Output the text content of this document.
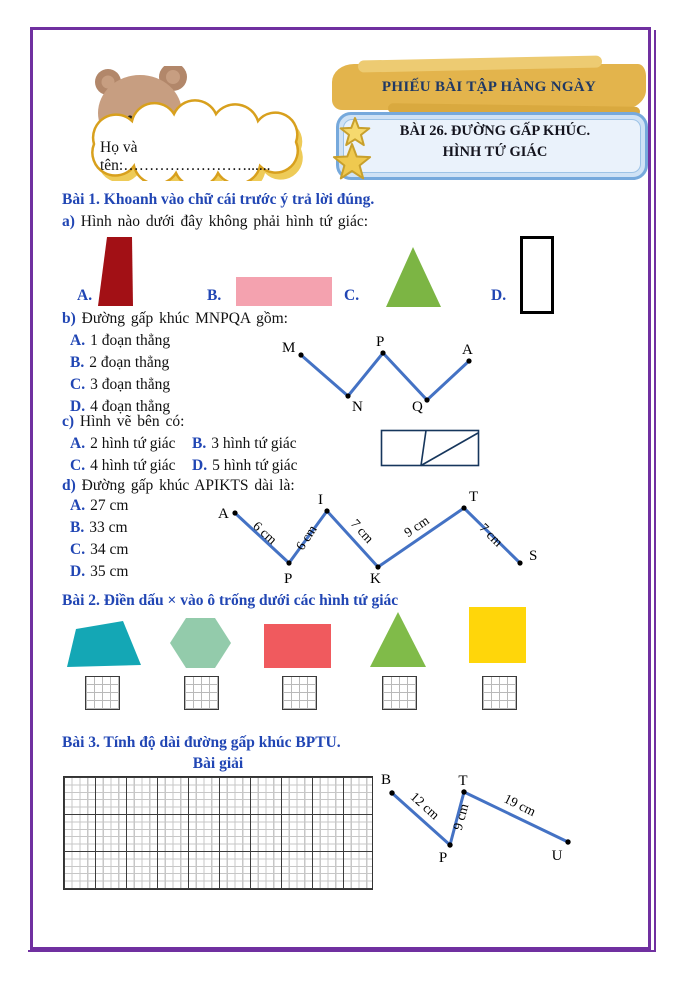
Họ và tên:……………………......
PHIẾU BÀI TẬP HÀNG NGÀY
BÀI 26. ĐƯỜNG GẤP KHÚC.
HÌNH TỨ GIÁC
Bài 1. Khoanh vào chữ cái trước ý trả lời đúng.
a) Hình nào dưới đây không phải hình tứ giác:
A.	B.	C.	D.
b) Đường gấp khúc MNPQA gồm:
A. 1 đoạn thẳng
B. 2 đoạn thẳng
C. 3 đoạn thẳng
D. 4 đoạn thẳng
M
N
P
Q
A
c) Hình vẽ bên có:
A. 2 hình tứ giác B. 3 hình tứ giác
C. 4 hình tứ giác D. 5 hình tứ giác
d) Đường gấp khúc APIKTS dài là:
A. 27 cm
B. 33 cm
C. 34 cm
D. 35 cm
A
P
I
K
T
S
6 cm 6 cm 7 cm 9 cm	7 cm
Bài 2. Điền dấu × vào ô trống dưới các hình tứ giác
Bài 3. Tính độ dài đường gấp khúc BPTU.
Bài giải
B
P
T
U
12 cm 9 cm 19 cm
